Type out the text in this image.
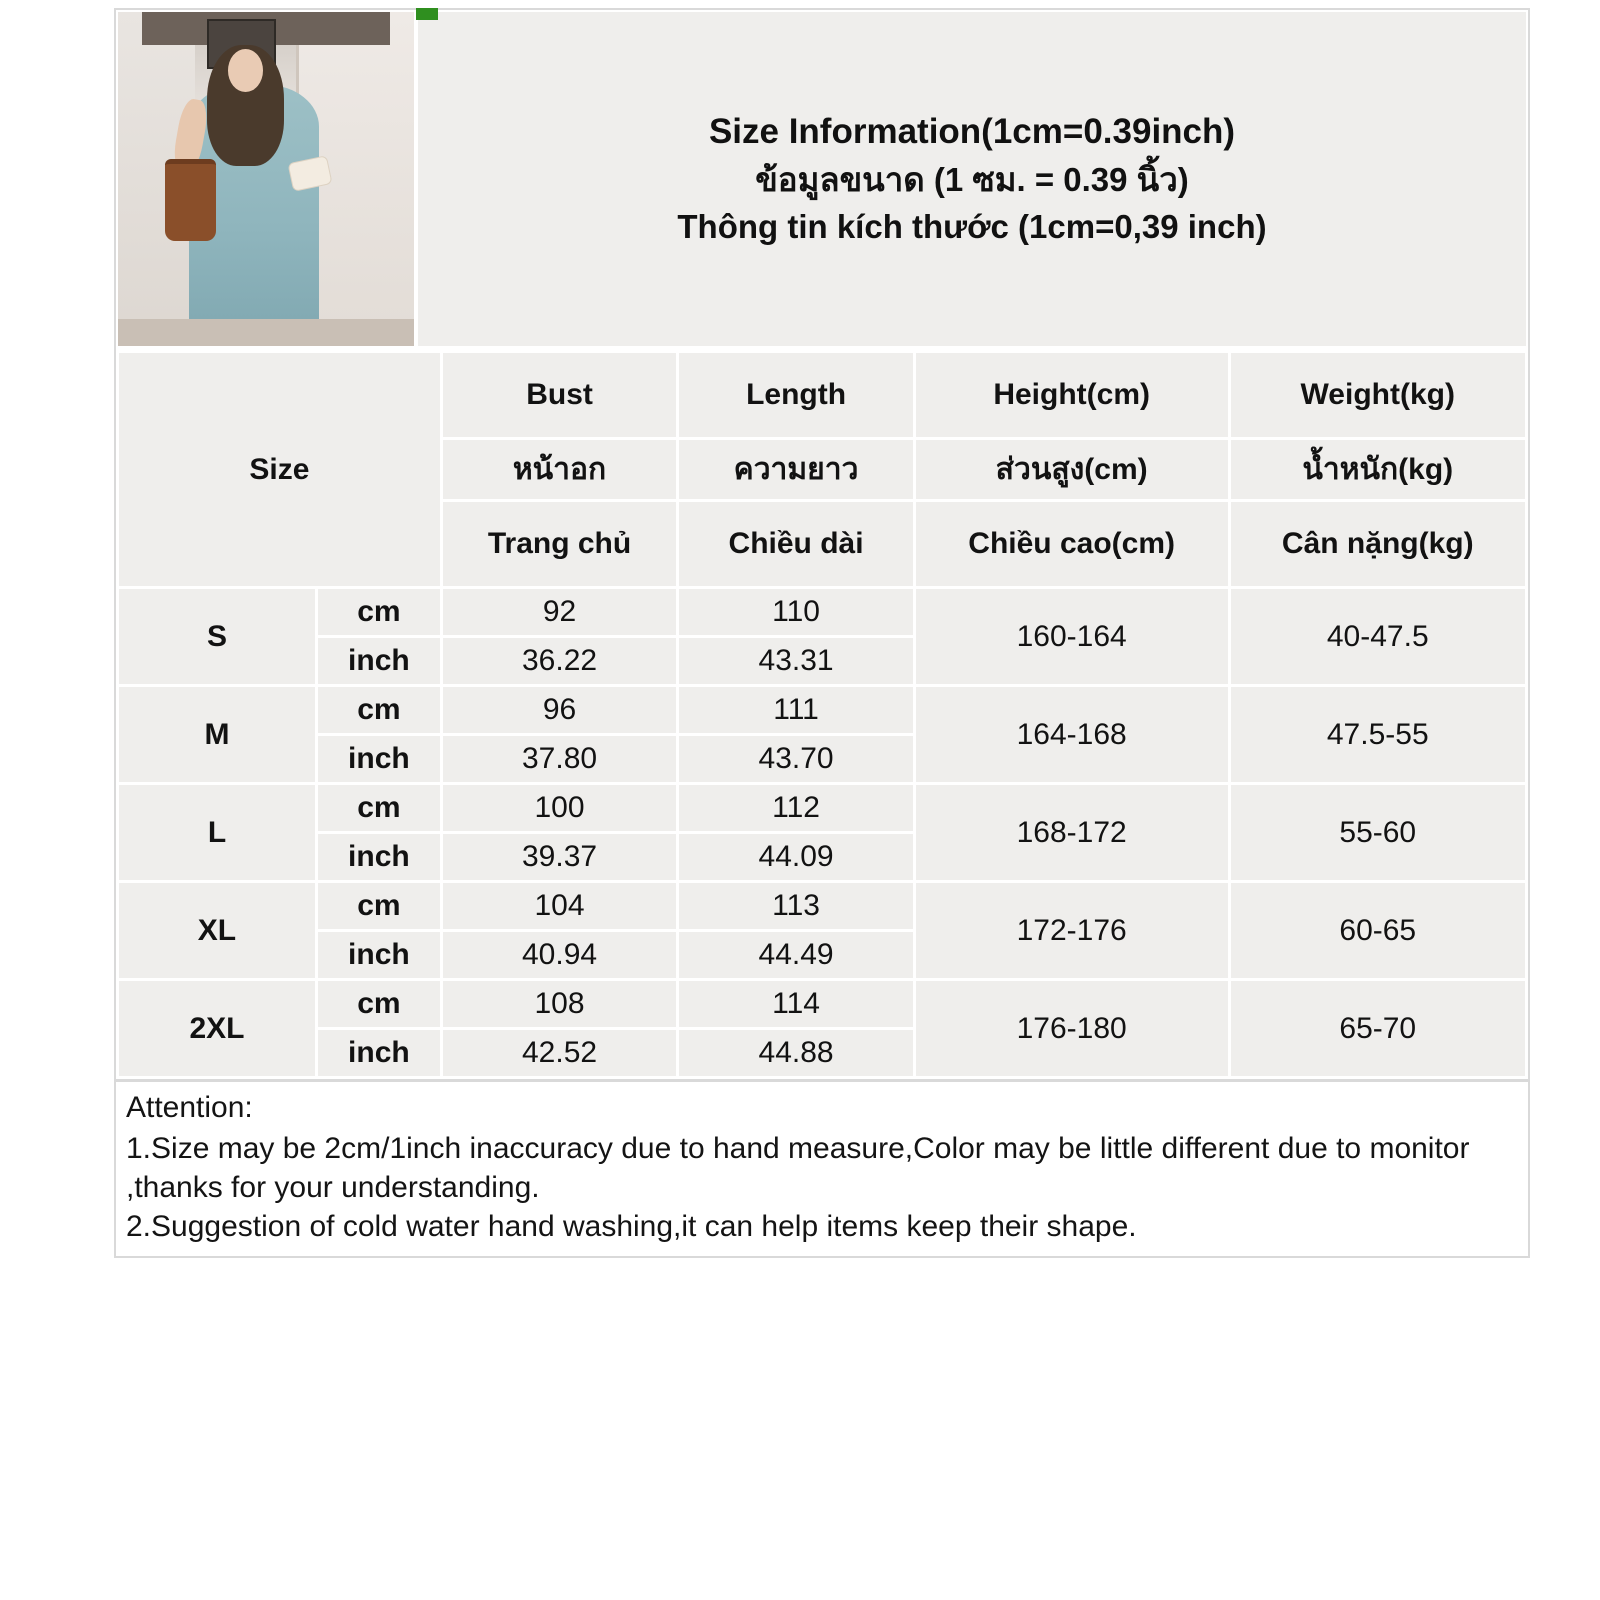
Size Information(1cm=0.39inch)
ข้อมูลขนาด (1 ซม. = 0.39 นิ้ว)
Thông tin kích thước (1cm=0,39 inch)
Size		Bust	Length	Height(cm)	Weight(kg)
		หน้าอก	ความยาว	ส่วนสูง(cm)	น้ำหนัก(kg)
		Trang chủ	Chiều dài	Chiều cao(cm)	Cân nặng(kg)
S	cm	92	110	160-164	40-47.5
	inch	36.22	43.31		
M	cm	96	111	164-168	47.5-55
	inch	37.80	43.70		
L	cm	100	112	168-172	55-60
	inch	39.37	44.09		
XL	cm	104	113	172-176	60-65
	inch	40.94	44.49		
2XL	cm	108	114	176-180	65-70
	inch	42.52	44.88		
Attention:
1.Size may be 2cm/1inch inaccuracy due to hand measure,Color may be little different due to monitor ,thanks for your understanding.
2.Suggestion of cold water hand washing,it can help items keep their shape.
